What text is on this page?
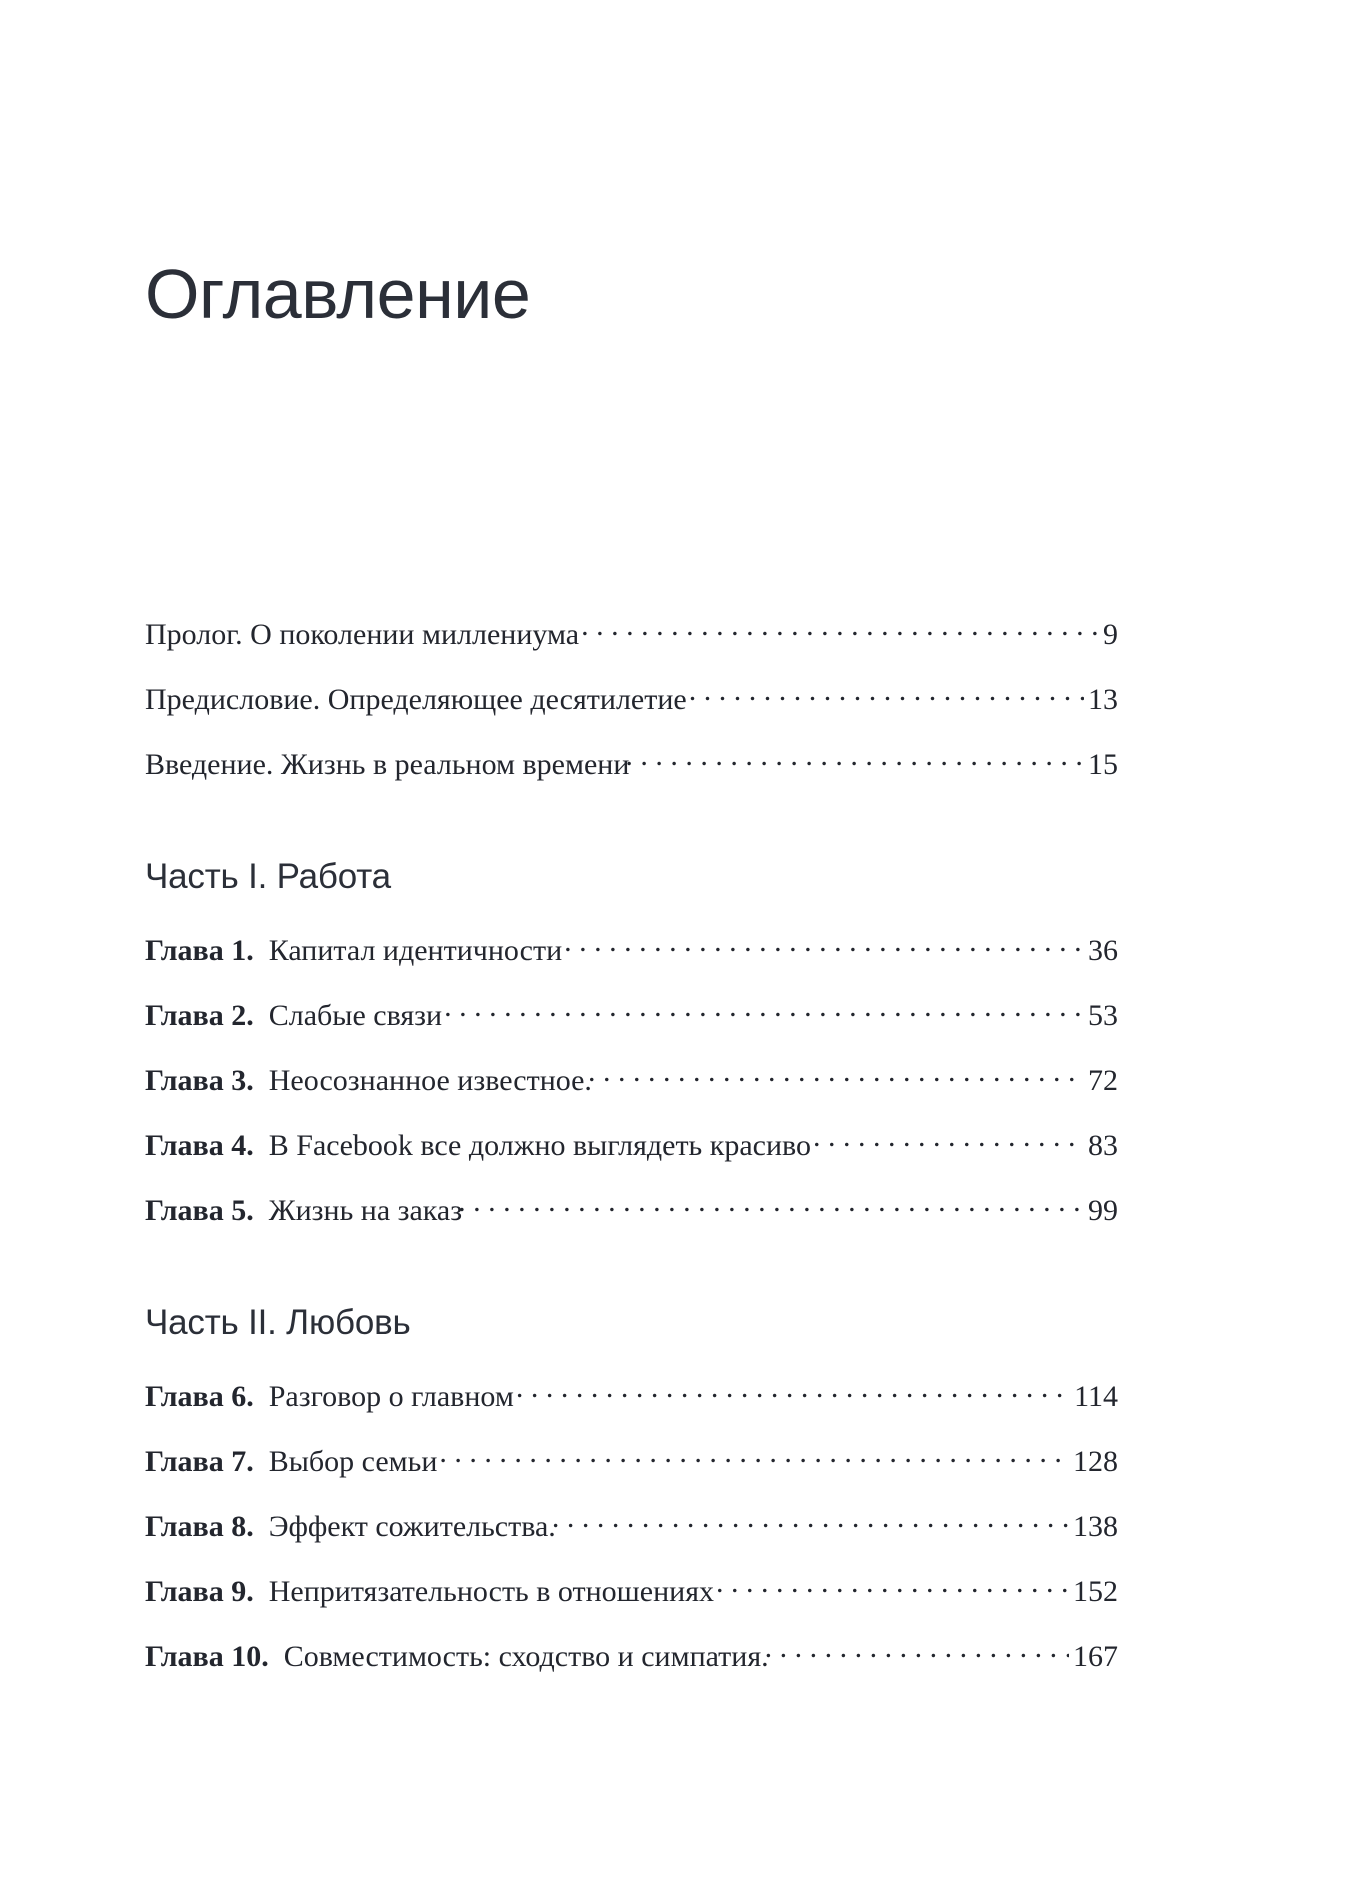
Оглавление
Пролог. О поколении миллениума . . .	9
Предисловие. Определяющее десятилетие . . .	13
Введение. Жизнь в реальном времени . . .	15
Часть I. Работа
Глава 1.  Капитал идентичности . . .	36
Глава 2.  Слабые связи . . .	53
Глава 3.  Неосознанное известное. . . .	72
Глава 4.  В Facebook все должно выглядеть красиво . . .	83
Глава 5.  Жизнь на заказ . . .	99
Часть II. Любовь
Глава 6.  Разговор о главном . . .	114
Глава 7.  Выбор семьи . . .	128
Глава 8.  Эффект сожительства. . . .	138
Глава 9.  Непритязательность в отношениях . . .	152
Глава 10.  Совместимость: сходство и симпатия. . . .	167
